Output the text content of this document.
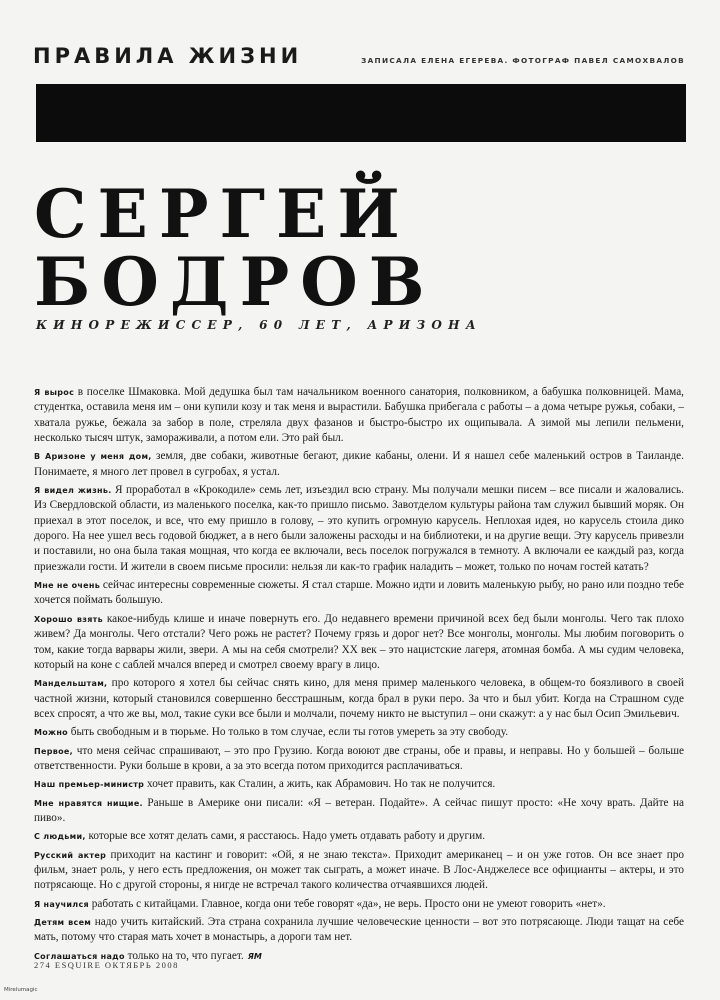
ПРАВИЛА ЖИЗНИ	ЗАПИСАЛА ЕЛЕНА ЕГЕРЕВА. ФОТОГРАФ ПАВЕЛ САМОХВАЛОВ
СЕРГЕЙ
БОДРОВ
КИНОРЕЖИССЕР, 60 ЛЕТ, АРИЗОНА

Я вырос в поселке Шмаковка. Мой дедушка был там начальником военного санатория, полковником, а бабушка полковницей. Мама, студентка, оставила меня им – они купили козу и так меня и вырастили. Бабушка прибегала с работы – а дома четыре ружья, собаки, – хватала ружье, бежала за забор в поле, стреляла двух фазанов и быстро-быстро их ощипывала. А зимой мы лепили пельмени, несколько тысяч штук, замораживали, а потом ели. Это рай был.

В Аризоне у меня дом, земля, две собаки, животные бегают, дикие кабаны, олени. И я нашел себе маленький остров в Таиланде. Понимаете, я много лет провел в сугробах, я устал.

Я видел жизнь. Я проработал в «Крокодиле» семь лет, изъездил всю страну. Мы получали мешки писем – все писали и жаловались. Из Свердловской области, из маленького поселка, как-то пришло письмо. Завотделом культуры района там служил бывший моряк. Он приехал в этот поселок, и все, что ему пришло в голову, – это купить огромную карусель. Неплохая идея, но карусель стоила дико дорого. На нее ушел весь годовой бюджет, а в него были заложены расходы и на библиотеки, и на другие вещи. Эту карусель привезли и поставили, но она была такая мощная, что когда ее включали, весь поселок погружался в темноту. А включали ее каждый раз, когда приезжали гости. И жители в своем письме просили: нельзя ли как-то график наладить – может, только по ночам гостей катать?

Мне не очень сейчас интересны современные сюжеты. Я стал старше. Можно идти и ловить маленькую рыбу, но рано или поздно тебе хочется поймать большую.

Хорошо взять какое-нибудь клише и иначе повернуть его. До недавнего времени причиной всех бед были монголы. Чего так плохо живем? Да монголы. Чего отстали? Чего рожь не растет? Почему грязь и дорог нет? Все монголы, монголы. Мы любим поговорить о том, какие тогда варвары жили, звери. А мы на себя смотрели? XX век – это нацистские лагеря, атомная бомба. А мы судим человека, который на коне с саблей мчался вперед и смотрел своему врагу в лицо.

Мандельштам, про которого я хотел бы сейчас снять кино, для меня пример маленького человека, в общем-то боязливого в своей частной жизни, который становился совершенно бесстрашным, когда брал в руки перо. За что и был убит. Когда на Страшном суде всех спросят, а что же вы, мол, такие суки все были и молчали, почему никто не выступил – они скажут: а у нас был Осип Эмильевич.

Можно быть свободным и в тюрьме. Но только в том случае, если ты готов умереть за эту свободу.

Первое, что меня сейчас спрашивают, – это про Грузию. Когда воюют две страны, обе и правы, и неправы. Но у большей – больше ответственности. Руки больше в крови, а за это всегда потом приходится расплачиваться.

Наш премьер-министр хочет править, как Сталин, а жить, как Абрамович. Но так не получится.

Мне нравятся нищие. Раньше в Америке они писали: «Я – ветеран. Подайте». А сейчас пишут просто: «Не хочу врать. Дайте на пиво».

С людьми, которые все хотят делать сами, я расстаюсь. Надо уметь отдавать работу и другим.

Русский актер приходит на кастинг и говорит: «Ой, я не знаю текста». Приходит американец – и он уже готов. Он все знает про фильм, знает роль, у него есть предложения, он может так сыграть, а может иначе. В Лос-Анджелесе все официанты – актеры, и это потрясающе. Но с другой стороны, я нигде не встречал такого количества отчаявшихся людей.

Я научился работать с китайцами. Главное, когда они тебе говорят «да», не верь. Просто они не умеют говорить «нет».

Детям всем надо учить китайский. Эта страна сохранила лучшие человеческие ценности – вот это потрясающе. Люди тащат на себе мать, потому что старая мать хочет в монастырь, а дороги там нет.

Соглашаться надо только на то, что пугает. ЯМ

274 ESQUIRE ОКТЯБРЬ 2008
Mirelumagic
